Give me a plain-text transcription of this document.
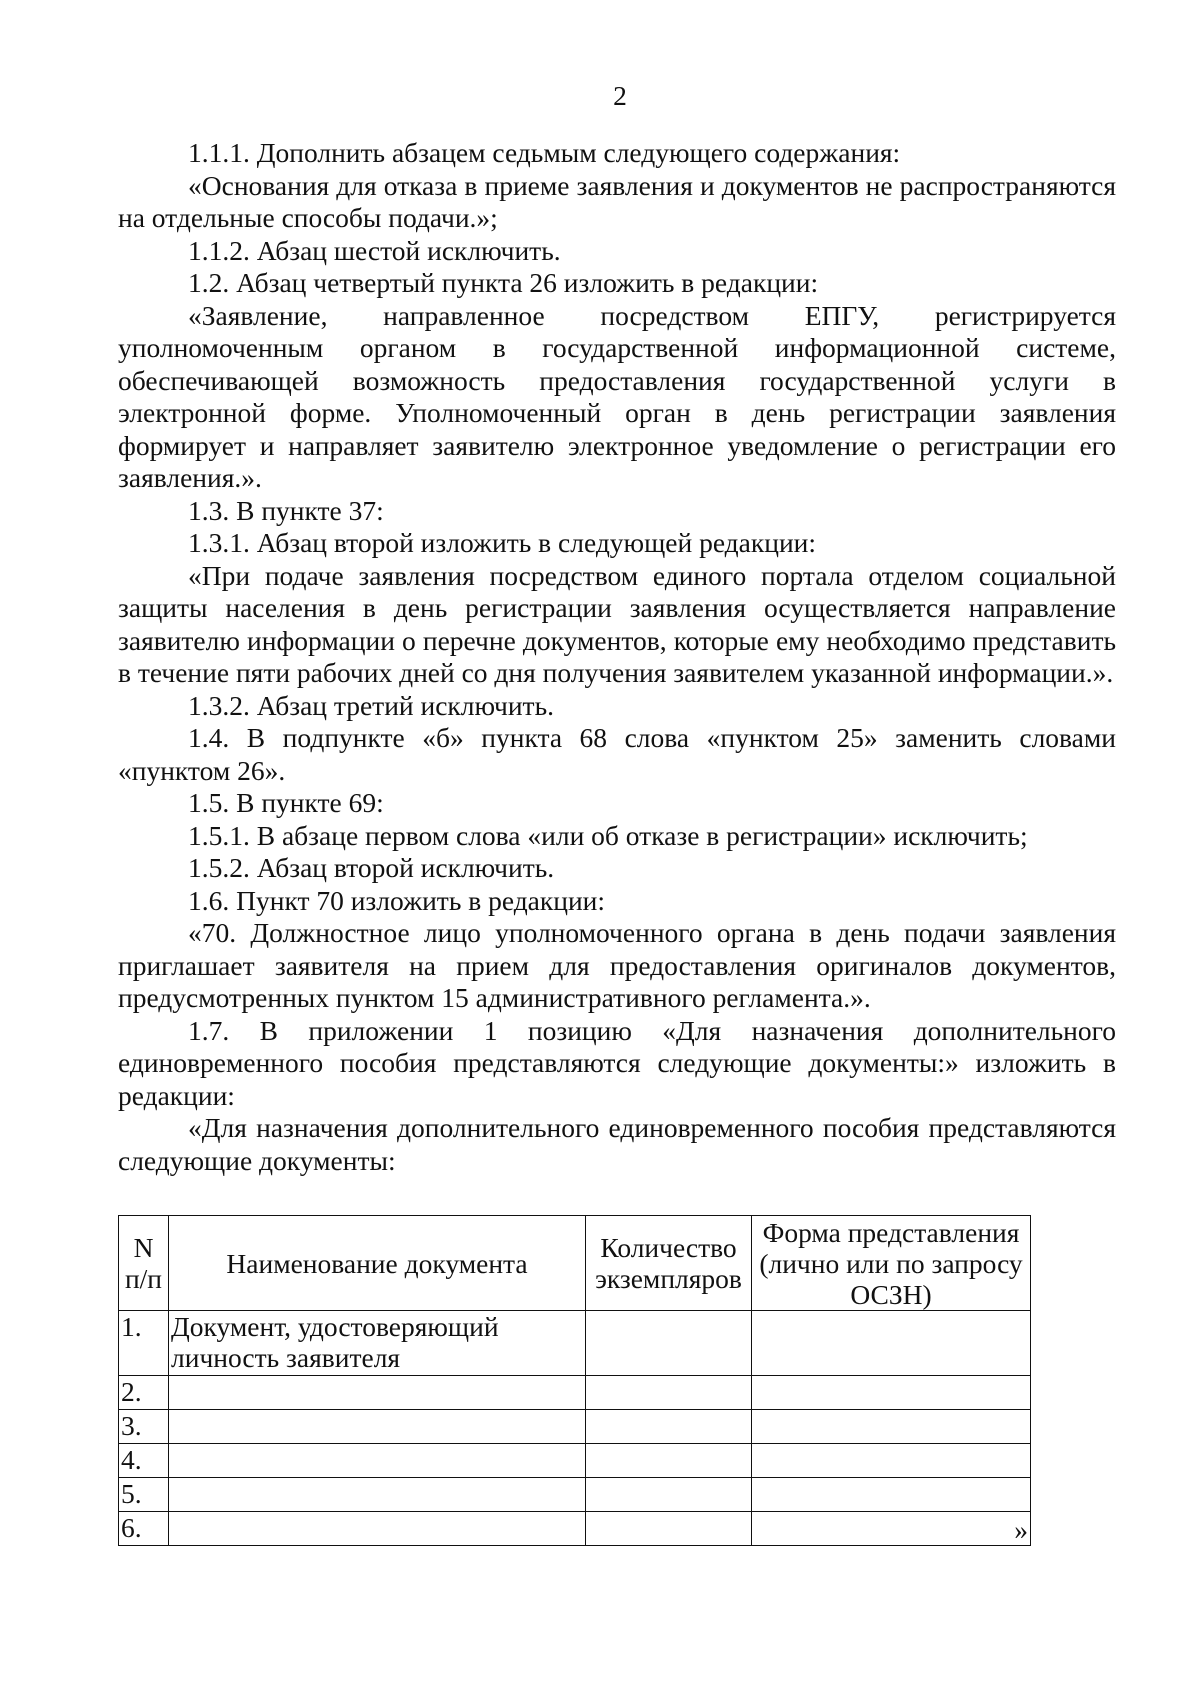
2

1.1.1. Дополнить абзацем седьмым следующего содержания:

«Основания для отказа в приеме заявления и документов не распространяются на отдельные способы подачи.»;

1.1.2. Абзац шестой исключить.

1.2. Абзац четвертый пункта 26 изложить в редакции:

«Заявление, направленное посредством ЕПГУ, регистрируется уполномоченным органом в государственной информационной системе, обеспечивающей возможность предоставления государственной услуги в электронной форме. Уполномоченный орган в день регистрации заявления формирует и направляет заявителю электронное уведомление о регистрации его заявления.».

1.3. В пункте 37:

1.3.1. Абзац второй изложить в следующей редакции:

«При подаче заявления посредством единого портала отделом социальной защиты населения в день регистрации заявления осуществляется направление заявителю информации о перечне документов, которые ему необходимо представить в течение пяти рабочих дней со дня получения заявителем указанной информации.».

1.3.2. Абзац третий исключить.

1.4. В подпункте «б» пункта 68 слова «пунктом 25» заменить словами «пунктом 26».

1.5. В пункте 69:

1.5.1. В абзаце первом слова «или об отказе в регистрации» исключить;

1.5.2. Абзац второй исключить.

1.6. Пункт 70 изложить в редакции:

«70. Должностное лицо уполномоченного органа в день подачи заявления приглашает заявителя на прием для предоставления оригиналов документов, предусмотренных пунктом 15 административного регламента.».

1.7. В приложении 1 позицию «Для назначения дополнительного единовременного пособия представляются следующие документы:» изложить в редакции:

«Для назначения дополнительного единовременного пособия представляются следующие документы:

N п/п	Наименование документа	Количество экземпляров	Форма представления (лично или по запросу ОСЗН)
1.	Документ, удостоверяющий личность заявителя		
2.			
3.			
4.			
5.			
6.			»
